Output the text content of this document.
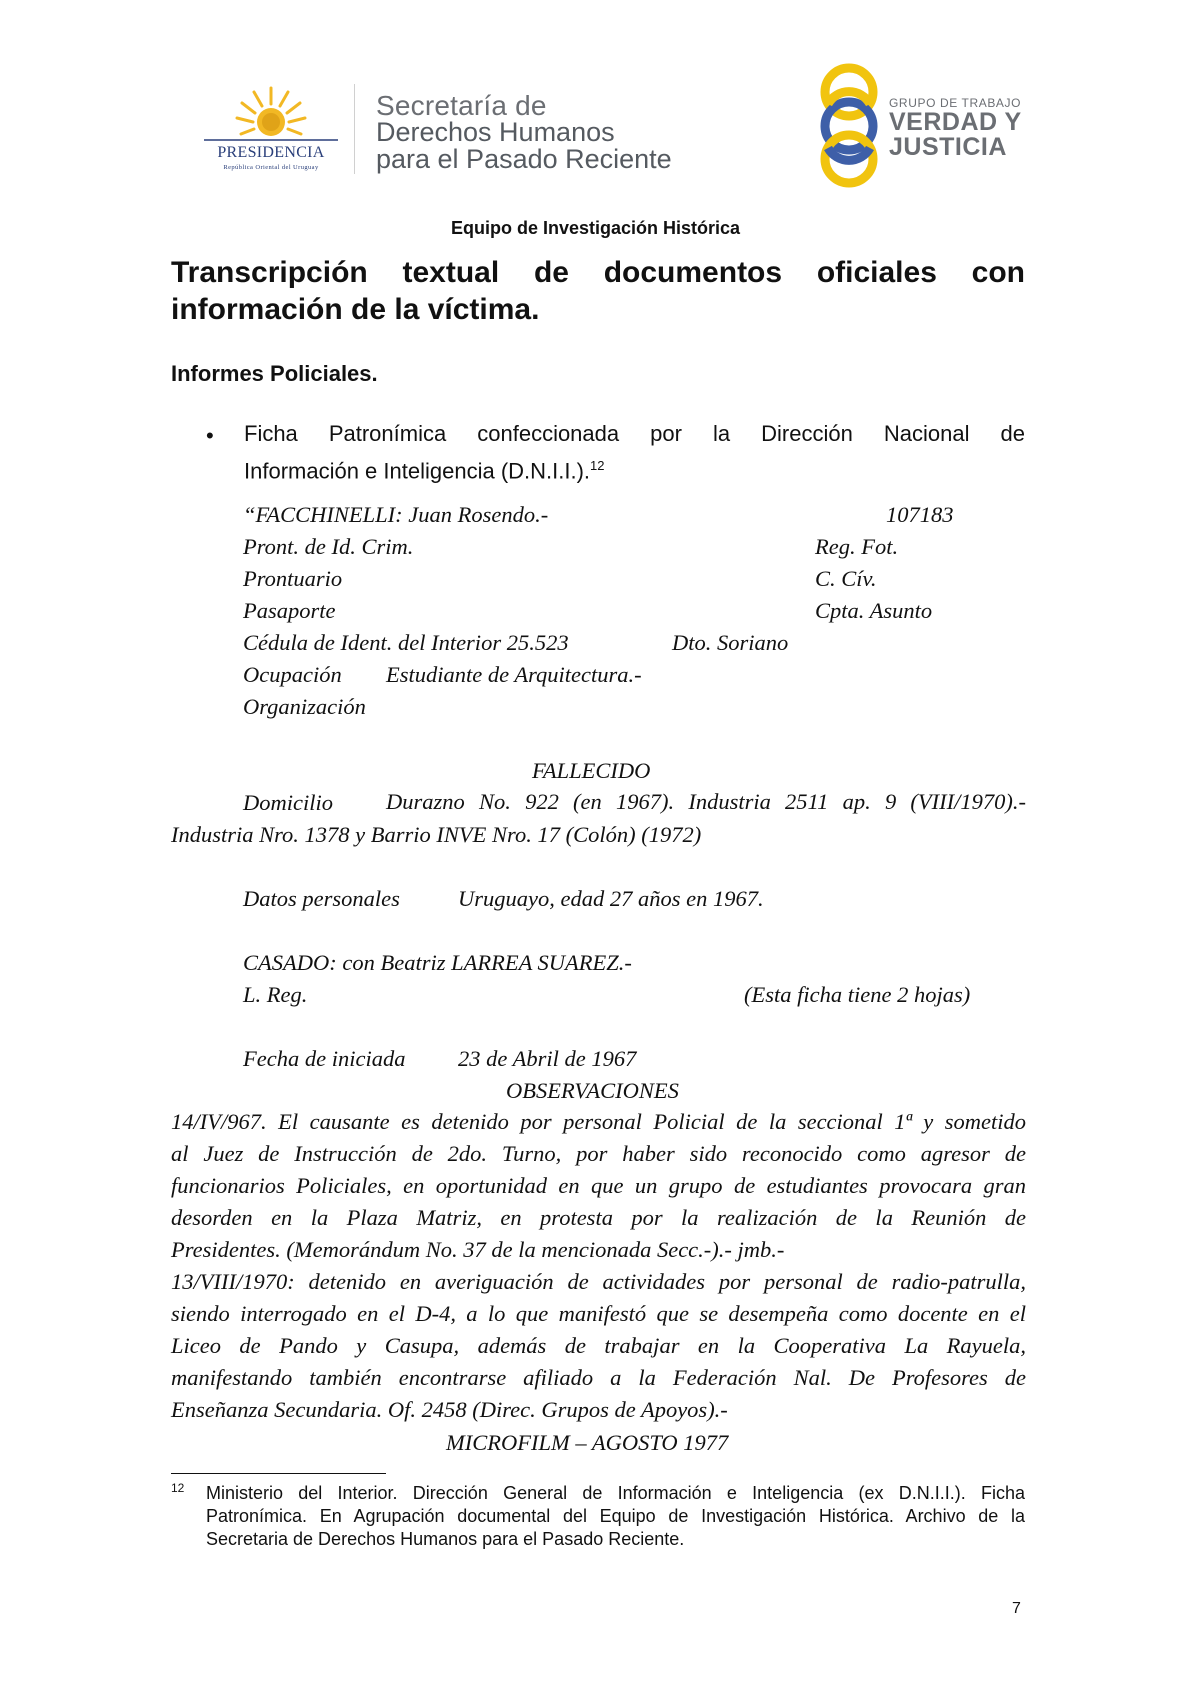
PRESIDENCIA
República Oriental del Uruguay
Secretaría de
Derechos Humanos
para el Pasado Reciente
GRUPO DE TRABAJO
VERDAD Y
JUSTICIA
Equipo de Investigación Histórica
Transcripción textual de documentos oficiales con
información de la víctima.
Informes Policiales.
• Ficha Patronímica confeccionada por la Dirección Nacional de
Información e Inteligencia (D.N.I.I.).$^{12}$
“FACCHINELLI: Juan Rosendo.-	107183
Pront. de Id. Crim.	Reg. Fot.
Prontuario	C. Cív.
Pasaporte	Cpta. Asunto
Cédula de Ident. del Interior 25.523	Dto. Soriano
Ocupación Estudiante de Arquitectura.-
Organización
FALLECIDO
Domicilio Durazno No. 922 (en 1967). Industria 2511 ap. 9 (VIII/1970).-
Industria Nro. 1378 y Barrio INVE Nro. 17 (Colón) (1972)
Datos personales	Uruguayo, edad 27 años en 1967.
CASADO: con Beatriz LARREA SUAREZ.-
L. Reg.	(Esta ficha tiene 2 hojas)
Fecha de iniciada 23 de Abril de 1967
OBSERVACIONES
14/IV/967. El causante es detenido por personal Policial de la seccional 1ª y sometido
al Juez de Instrucción de 2do. Turno, por haber sido reconocido como agresor de
funcionarios Policiales, en oportunidad en que un grupo de estudiantes provocara gran
desorden en la Plaza Matriz, en protesta por la realización de la Reunión de
Presidentes. (Memorándum No. 37 de la mencionada Secc.-).- jmb.-
13/VIII/1970: detenido en averiguación de actividades por personal de radio-patrulla,
siendo interrogado en el D-4, a lo que manifestó que se desempeña como docente en el
Liceo de Pando y Casupa, además de trabajar en la Cooperativa La Rayuela,
manifestando también encontrarse afiliado a la Federación Nal. De Profesores de
Enseñanza Secundaria. Of. 2458 (Direc. Grupos de Apoyos).-
MICROFILM – AGOSTO 1977
12 Ministerio del Interior. Dirección General de Información e Inteligencia (ex D.N.I.I.). Ficha
Patronímica. En Agrupación documental del Equipo de Investigación Histórica. Archivo de la
Secretaria de Derechos Humanos para el Pasado Reciente.
7
